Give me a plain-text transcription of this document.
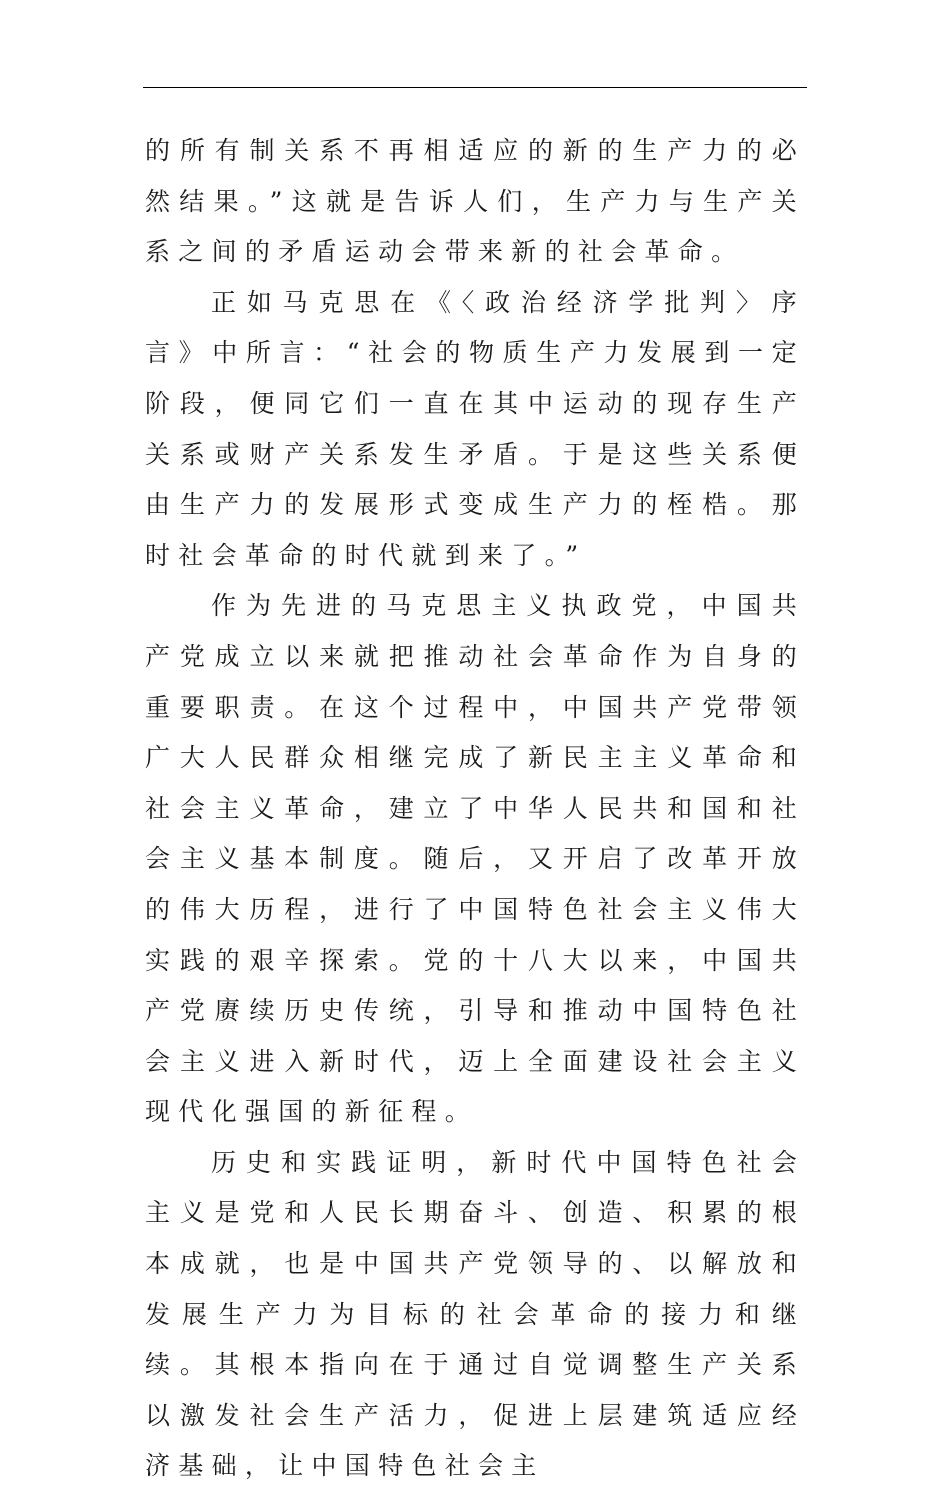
的所有制关系不再相适应的新的生产力的必然结果。”这就是告诉人们，生产力与生产关系之间的矛盾运动会带来新的社会革命。

正如马克思在《〈政治经济学批判〉序言》中所言：“社会的物质生产力发展到一定阶段，便同它们一直在其中运动的现存生产关系或财产关系发生矛盾。于是这些关系便由生产力的发展形式变成生产力的桎梏。那时社会革命的时代就到来了。”

作为先进的马克思主义执政党，中国共产党成立以来就把推动社会革命作为自身的重要职责。在这个过程中，中国共产党带领广大人民群众相继完成了新民主主义革命和社会主义革命，建立了中华人民共和国和社会主义基本制度。随后，又开启了改革开放的伟大历程，进行了中国特色社会主义伟大实践的艰辛探索。党的十八大以来，中国共产党赓续历史传统，引导和推动中国特色社会主义进入新时代，迈上全面建设社会主义现代化强国的新征程。

历史和实践证明，新时代中国特色社会主义是党和人民长期奋斗、创造、积累的根本成就，也是中国共产党领导的、以解放和发展生产力为目标的社会革命的接力和继续。其根本指向在于通过自觉调整生产关系以激发社会生产活力，促进上层建筑适应经济基础，让中国特色社会主
